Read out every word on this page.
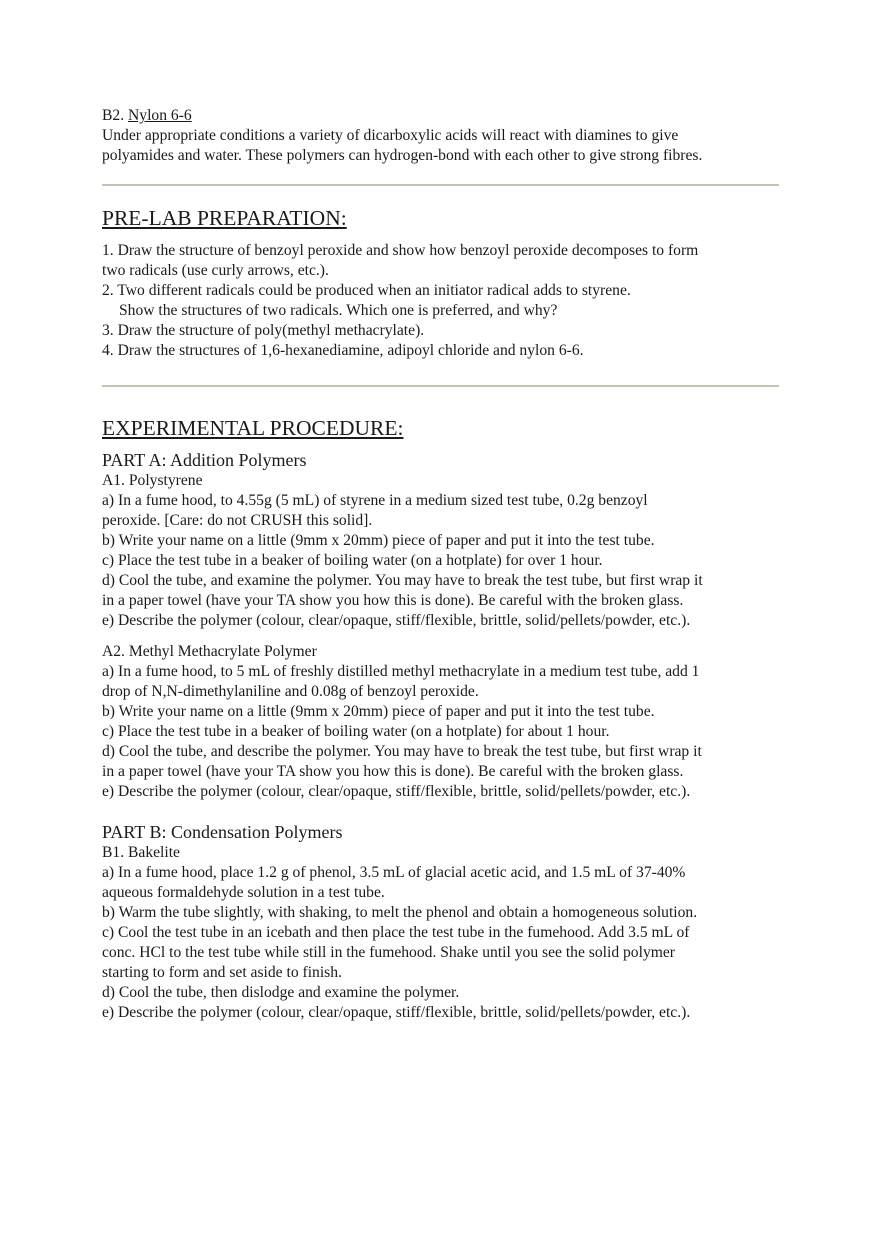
B2. Nylon 6-6
Under appropriate conditions a variety of dicarboxylic acids will react with diamines to give
polyamides and water. These polymers can hydrogen-bond with each other to give strong fibres.
PRE-LAB PREPARATION:
1. Draw the structure of benzoyl peroxide and show how benzoyl peroxide decomposes to form
two radicals (use curly arrows, etc.).
2. Two different radicals could be produced when an initiator radical adds to styrene.
Show the structures of two radicals. Which one is preferred, and why?
3. Draw the structure of poly(methyl methacrylate).
4. Draw the structures of 1,6-hexanediamine, adipoyl chloride and nylon 6-6.
EXPERIMENTAL PROCEDURE:
PART A: Addition Polymers
A1. Polystyrene
a) In a fume hood, to 4.55g (5 mL) of styrene in a medium sized test tube, 0.2g benzoyl
peroxide. [Care: do not CRUSH this solid].
b) Write your name on a little (9mm x 20mm) piece of paper and put it into the test tube.
c) Place the test tube in a beaker of boiling water (on a hotplate) for over 1 hour.
d) Cool the tube, and examine the polymer. You may have to break the test tube, but first wrap it
in a paper towel (have your TA show you how this is done). Be careful with the broken glass.
e) Describe the polymer (colour, clear/opaque, stiff/flexible, brittle, solid/pellets/powder, etc.).
A2. Methyl Methacrylate Polymer
a) In a fume hood, to 5 mL of freshly distilled methyl methacrylate in a medium test tube, add 1
drop of N,N-dimethylaniline and 0.08g of benzoyl peroxide.
b) Write your name on a little (9mm x 20mm) piece of paper and put it into the test tube.
c) Place the test tube in a beaker of boiling water (on a hotplate) for about 1 hour.
d) Cool the tube, and describe the polymer. You may have to break the test tube, but first wrap it
in a paper towel (have your TA show you how this is done). Be careful with the broken glass.
e) Describe the polymer (colour, clear/opaque, stiff/flexible, brittle, solid/pellets/powder, etc.).
PART B: Condensation Polymers
B1. Bakelite
a) In a fume hood, place 1.2 g of phenol, 3.5 mL of glacial acetic acid, and 1.5 mL of 37-40%
aqueous formaldehyde solution in a test tube.
b) Warm the tube slightly, with shaking, to melt the phenol and obtain a homogeneous solution.
c) Cool the test tube in an icebath and then place the test tube in the fumehood. Add 3.5 mL of
conc. HCl to the test tube while still in the fumehood. Shake until you see the solid polymer
starting to form and set aside to finish.
d) Cool the tube, then dislodge and examine the polymer.
e) Describe the polymer (colour, clear/opaque, stiff/flexible, brittle, solid/pellets/powder, etc.).
